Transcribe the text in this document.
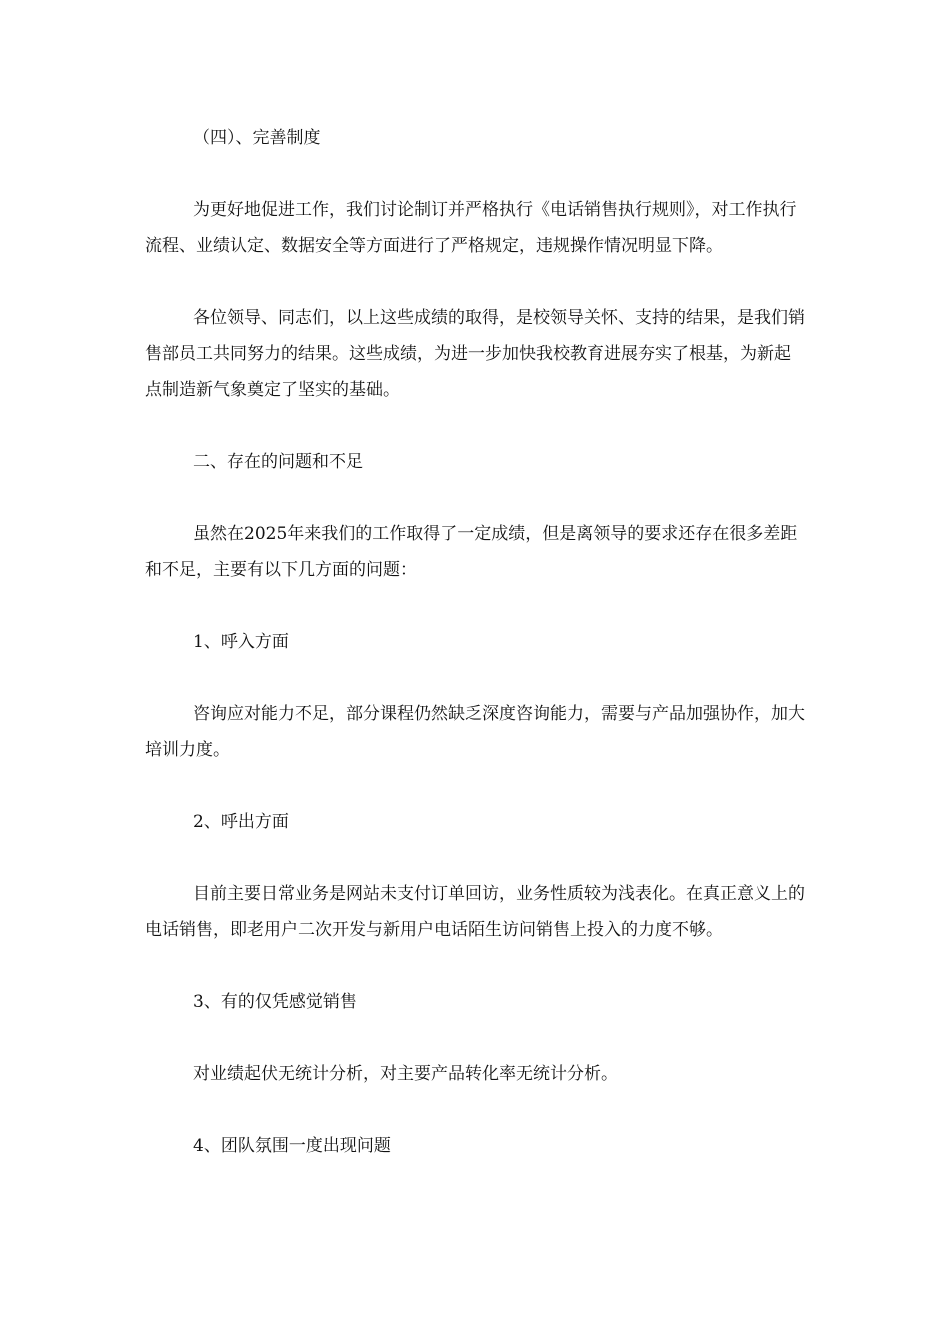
（四）、完善制度

为更好地促进工作，我们讨论制订并严格执行《电话销售执行规则》，对工作执行流程、业绩认定、数据安全等方面进行了严格规定，违规操作情况明显下降。

各位领导、同志们，以上这些成绩的取得，是校领导关怀、支持的结果，是我们销售部员工共同努力的结果。这些成绩，为进一步加快我校教育进展夯实了根基，为新起点制造新气象奠定了坚实的基础。

二、存在的问题和不足

虽然在2025年来我们的工作取得了一定成绩，但是离领导的要求还存在很多差距和不足，主要有以下几方面的问题：

1、呼入方面

咨询应对能力不足，部分课程仍然缺乏深度咨询能力，需要与产品加强协作，加大培训力度。

2、呼出方面

目前主要日常业务是网站未支付订单回访，业务性质较为浅表化。在真正意义上的电话销售，即老用户二次开发与新用户电话陌生访问销售上投入的力度不够。

3、有的仅凭感觉销售

对业绩起伏无统计分析，对主要产品转化率无统计分析。

4、团队氛围一度出现问题
